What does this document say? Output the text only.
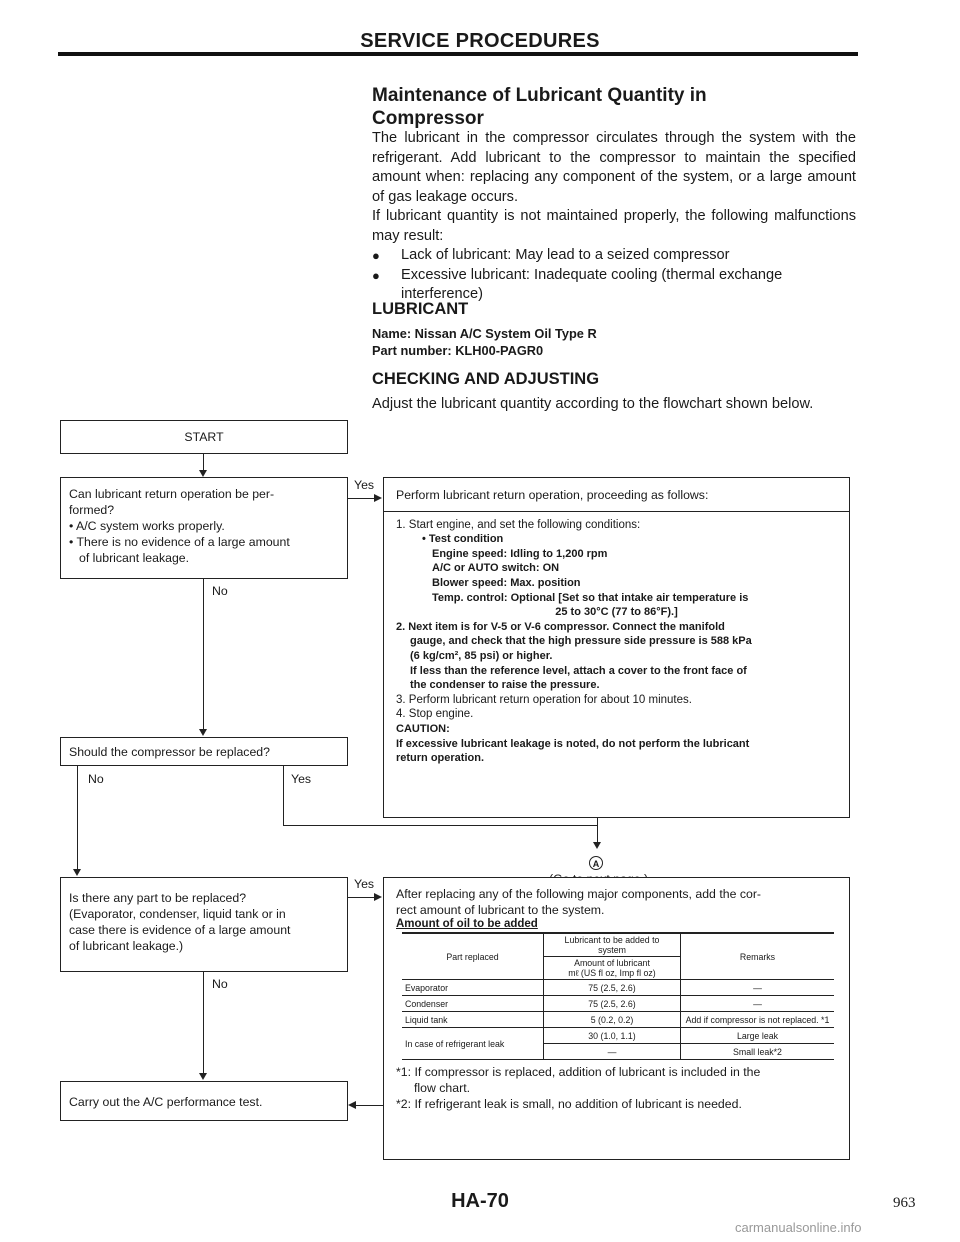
SERVICE PROCEDURES
Maintenance of Lubricant Quantity in
Compressor

The lubricant in the compressor circulates through the system with the refrigerant. Add lubricant to the compressor to maintain the specified amount when: replacing any component of the system, or a large amount of gas leakage occurs.

If lubricant quantity is not maintained properly, the following malfunctions may result:

●	Lack of lubricant: May lead to a seized compressor
●	Excessive lubricant: Inadequate cooling (thermal exchange
interference)
LUBRICANT
Name: Nissan A/C System Oil Type R
Part number: KLH00-PAGR0
CHECKING AND ADJUSTING
Adjust the lubricant quantity according to the flowchart shown below.
START
Can lubricant return operation be per-
formed?
• A/C system works properly.
• There is no evidence of a large amount
of lubricant leakage.
Yes
No
Perform lubricant return operation, proceeding as follows:
1. Start engine, and set the following conditions:
• Test condition
Engine speed: Idling to 1,200 rpm
A/C or AUTO switch: ON
Blower speed: Max. position
Temp. control: Optional [Set so that intake air temperature is
25 to 30°C (77 to 86°F).]
2. Next item is for V-5 or V-6 compressor. Connect the manifold
gauge, and check that the high pressure side pressure is 588 kPa
(6 kg/cm², 85 psi) or higher.
If less than the reference level, attach a cover to the front face of
the condenser to raise the pressure.
3. Perform lubricant return operation for about 10 minutes.
4. Stop engine.
CAUTION:
If excessive lubricant leakage is noted, do not perform the lubricant
return operation.
Should the compressor be replaced?
No	Yes
A
Is there any part to be replaced?
(Evaporator, condenser, liquid tank or in
case there is evidence of a large amount
of lubricant leakage.)
Yes
No
Carry out the A/C performance test.
After replacing any of the following major components, add the cor-
rect amount of lubricant to the system.
Amount of oil to be added
Part replaced	Lubricant to be added to
system	Remarks

	Amount of lubricant
mℓ (US fl oz, Imp fl oz)	

Evaporator	75 (2.5, 2.6)	—
Condenser	75 (2.5, 2.6)	—
Liquid tank	5 (0.2, 0.2)	Add if compressor is not replaced. *1
In case of refrigerant leak	30 (1.0, 1.1)	Large leak
	—	Small leak*2
*1: If compressor is replaced, addition of lubricant is included in the
flow chart.
*2: If refrigerant leak is small, no addition of lubricant is needed.
HA-70	963
carmanualsonline.info
